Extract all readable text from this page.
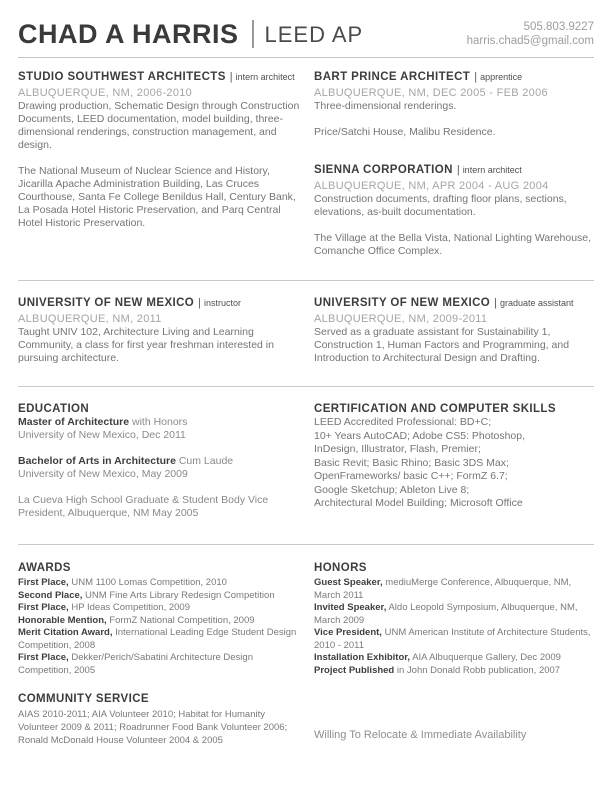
CHAD A HARRIS LEED AP	505.803.9227
harris.chad5@gmail.com
STUDIO SOUTHWEST ARCHITECTS | intern architect
ALBUQUERQUE, NM, 2006-2010

Drawing production, Schematic Design through Construction Documents, LEED documentation, model building, three-dimensional renderings, construction management, and design.

The National Museum of Nuclear Science and History, Jicarilla Apache Administration Building, Las Cruces Courthouse, Santa Fe College Benildus Hall, Century Bank, La Posada Hotel Historic Preservation, and Parq Central Hotel Historic Preservation.

BART PRINCE ARCHITECT | apprentice
ALBUQUERQUE, NM, DEC 2005 - FEB 2006

Three-dimensional renderings.

Price/Satchi House, Malibu Residence.

SIENNA CORPORATION | intern architect
ALBUQUERQUE, NM, APR 2004 - AUG 2004

Construction documents, drafting floor plans, sections, elevations, as-built documentation.

The Village at the Bella Vista, National Lighting Warehouse, Comanche Office Complex.

UNIVERSITY OF NEW MEXICO | instructor
ALBUQUERQUE, NM, 2011

Taught UNIV 102, Architecture Living and Learning Community, a class for first year freshman interested in pursuing architecture.

UNIVERSITY OF NEW MEXICO | graduate assistant
ALBUQUERQUE, NM, 2009-2011

Served as a graduate assistant for Sustainability 1, Construction 1, Human Factors and Programming, and Introduction to Architectural Design and Drafting.

EDUCATION
Master of Architecture with Honors
University of New Mexico, Dec 2011
Bachelor of Arts in Architecture Cum Laude
University of New Mexico, May 2009
La Cueva High School Graduate & Student Body Vice President, Albuquerque, NM May 2005
CERTIFICATION AND COMPUTER SKILLS
LEED Accredited Professional: BD+C;
10+ Years AutoCAD; Adobe CS5: Photoshop,
InDesign, Illustrator, Flash, Premier;
Basic Revit; Basic Rhino; Basic 3DS Max;
OpenFrameworks/ basic C++; FormZ 6.7;
Google Sketchup; Ableton Live 8;
Architectural Model Building; Microsoft Office
AWARDS
First Place, UNM 1100 Lomas Competition, 2010
Second Place, UNM Fine Arts Library Redesign Competition
First Place, HP Ideas Competition, 2009
Honorable Mention, FormZ National Competition, 2009
Merit Citation Award, International Leading Edge Student Design Competition, 2008
First Place, Dekker/Perich/Sabatini Architecture Design Competition, 2005
COMMUNITY SERVICE
AIAS 2010-2011; AIA Volunteer 2010; Habitat for Humanity Volunteer 2009 & 2011; Roadrunner Food Bank Volunteer 2006; Ronald McDonald House Volunteer 2004 & 2005
HONORS
Guest Speaker, mediuMerge Conference, Albuquerque, NM, March 2011
Invited Speaker, Aldo Leopold Symposium, Albuquerque, NM, March 2009
Vice President, UNM American Institute of Architecture Students, 2010 - 2011
Installation Exhibitor, AIA Albuquerque Gallery, Dec 2009
Project Published in John Donald Robb publication, 2007
Willing To Relocate & Immediate Availability
